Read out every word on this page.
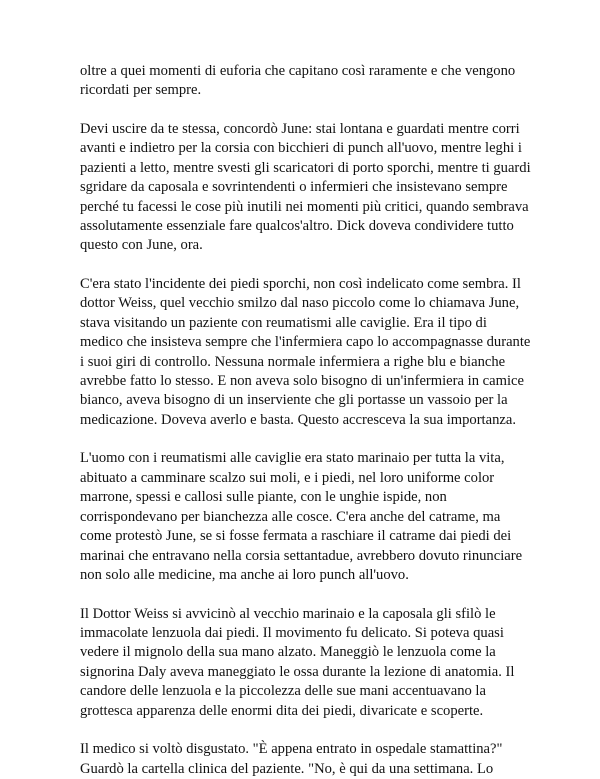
oltre a quei momenti di euforia che capitano così raramente e che vengono ricordati per sempre.

Devi uscire da te stessa, concordò June: stai lontana e guardati mentre corri avanti e indietro per la corsia con bicchieri di punch all'uovo, mentre leghi i pazienti a letto, mentre svesti gli scaricatori di porto sporchi, mentre ti guardi sgridare da caposala e sovrintendenti o infermieri che insistevano sempre perché tu facessi le cose più inutili nei momenti più critici, quando sembrava assolutamente essenziale fare qualcos'altro. Dick doveva condividere tutto questo con June, ora.

C'era stato l'incidente dei piedi sporchi, non così indelicato come sembra. Il dottor Weiss, quel vecchio smilzo dal naso piccolo come lo chiamava June, stava visitando un paziente con reumatismi alle caviglie. Era il tipo di medico che insisteva sempre che l'infermiera capo lo accompagnasse durante i suoi giri di controllo. Nessuna normale infermiera a righe blu e bianche avrebbe fatto lo stesso. E non aveva solo bisogno di un'infermiera in camice bianco, aveva bisogno di un inserviente che gli portasse un vassoio per la medicazione. Doveva averlo e basta. Questo accresceva la sua importanza.

L'uomo con i reumatismi alle caviglie era stato marinaio per tutta la vita, abituato a camminare scalzo sui moli, e i piedi, nel loro uniforme color marrone, spessi e callosi sulle piante, con le unghie ispide, non corrispondevano per bianchezza alle cosce. C'era anche del catrame, ma come protestò June, se si fosse fermata a raschiare il catrame dai piedi dei marinai che entravano nella corsia settantadue, avrebbero dovuto rinunciare non solo alle medicine, ma anche ai loro punch all'uovo.

Il Dottor Weiss si avvicinò al vecchio marinaio e la caposala gli sfilò le immacolate lenzuola dai piedi. Il movimento fu delicato. Si poteva quasi vedere il mignolo della sua mano alzato. Maneggiò le lenzuola come la signorina Daly aveva maneggiato le ossa durante la lezione di anatomia. Il candore delle lenzuola e la piccolezza delle sue mani accentuavano la grottesca apparenza delle enormi dita dei piedi, divaricate e scoperte.

Il medico si voltò disgustato. "È appena entrato in ospedale stamattina?" Guardò la cartella clinica del paziente. "No, è qui da una settimana. Lo
